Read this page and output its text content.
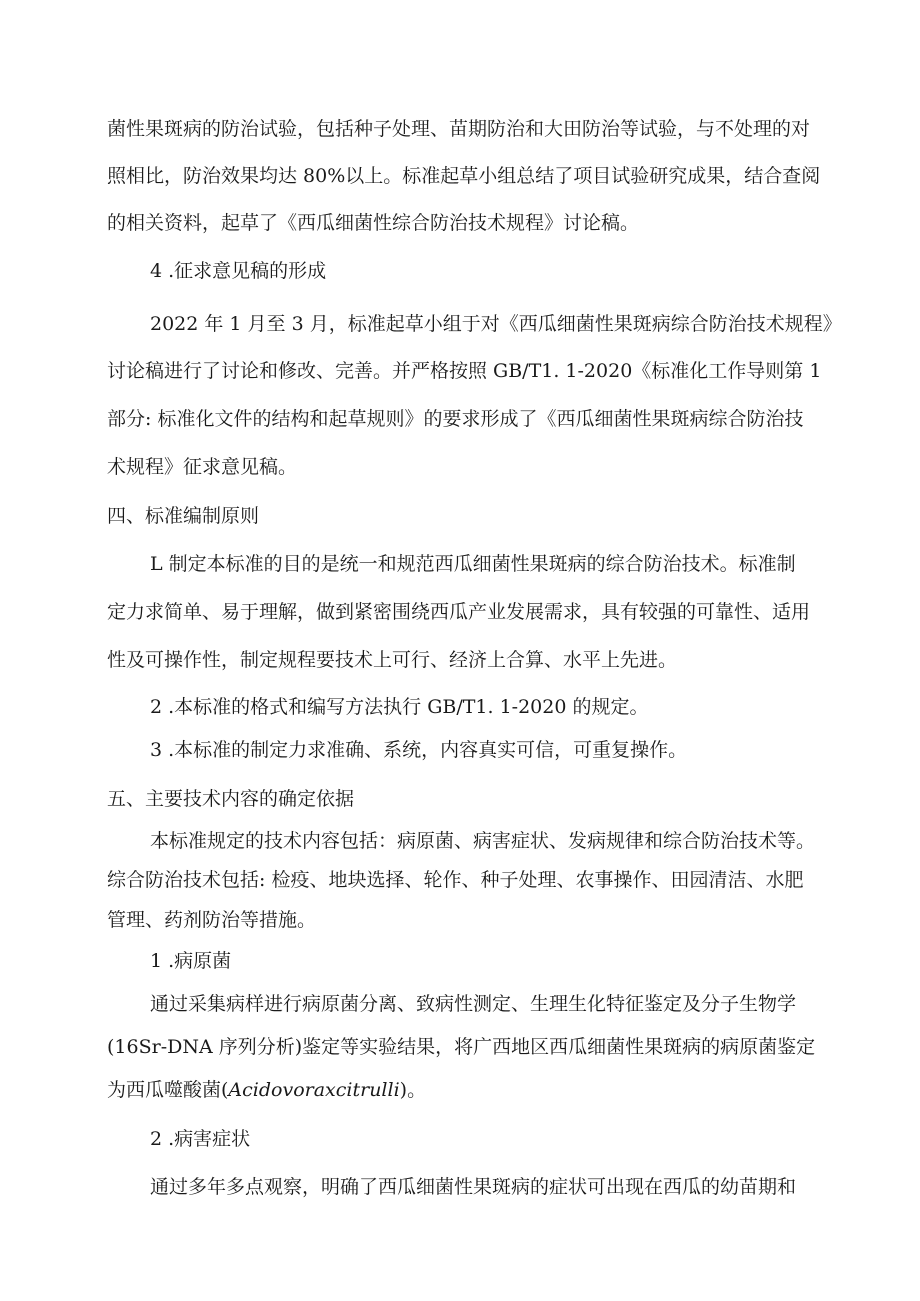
菌性果斑病的防治试验，包括种子处理、苗期防治和大田防治等试验，与不处理的对
照相比，防治效果均达 80%以上。标准起草小组总结了项目试验研究成果，结合查阅
的相关资料，起草了《西瓜细菌性综合防治技术规程》讨论稿。
4 .征求意见稿的形成
2022 年 1 月至 3 月，标准起草小组于对《西瓜细菌性果斑病综合防治技术规程》
讨论稿进行了讨论和修改、完善。并严格按照 GB/T1. 1-2020《标准化工作导则第 1
部分: 标准化文件的结构和起草规则》的要求形成了《西瓜细菌性果斑病综合防治技
术规程》征求意见稿。
四、标准编制原则
L 制定本标准的目的是统一和规范西瓜细菌性果斑病的综合防治技术。标准制
定力求简单、易于理解，做到紧密围绕西瓜产业发展需求，具有较强的可靠性、适用
性及可操作性，制定规程要技术上可行、经济上合算、水平上先进。
2 .本标准的格式和编写方法执行 GB/T1. 1-2020 的规定。
3 .本标准的制定力求准确、系统，内容真实可信，可重复操作。
五、主要技术内容的确定依据
本标准规定的技术内容包括：病原菌、病害症状、发病规律和综合防治技术等。
综合防治技术包括: 检疫、地块选择、轮作、种子处理、农事操作、田园清洁、水肥
管理、药剂防治等措施。
1 .病原菌
通过采集病样进行病原菌分离、致病性测定、生理生化特征鉴定及分子生物学
(16Sr-DNA 序列分析)鉴定等实验结果，将广西地区西瓜细菌性果斑病的病原菌鉴定
为西瓜噬酸菌(Acidovoraxcitrulli)。
2 .病害症状
通过多年多点观察，明确了西瓜细菌性果斑病的症状可出现在西瓜的幼苗期和
